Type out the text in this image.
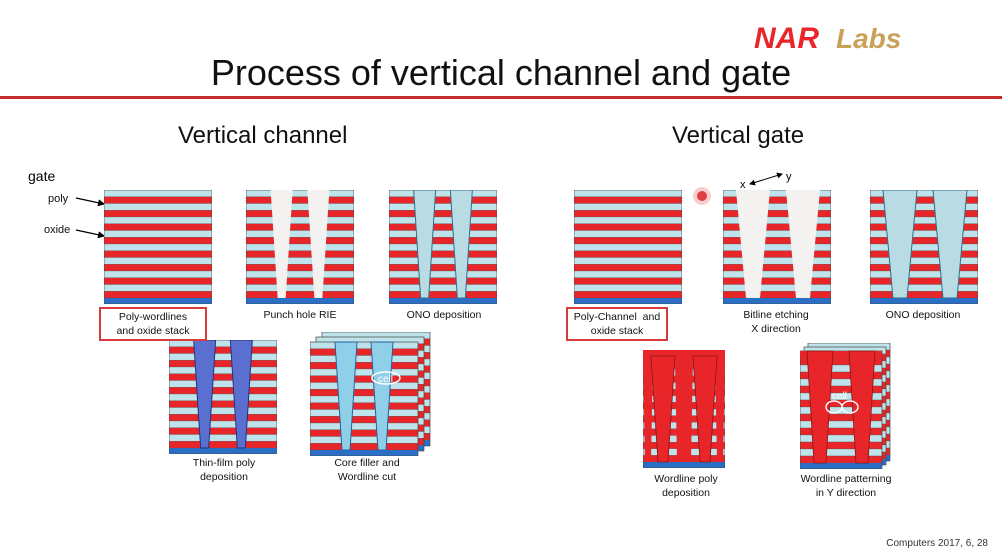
NAR Labs
Process of vertical channel and gate
Vertical channel	Vertical gate
gate
poly
oxide
cell
cell
x
y
Poly-wordlines
and oxide stack
Punch hole RIE	ONO deposition
Thin-film poly
deposition
Core filler and
Wordline cut
Poly-Channel  and
oxide stack
Bitline etching
X direction
ONO deposition
Wordline poly
deposition
Wordline patterning
in Y direction
Computers 2017, 6, 28
